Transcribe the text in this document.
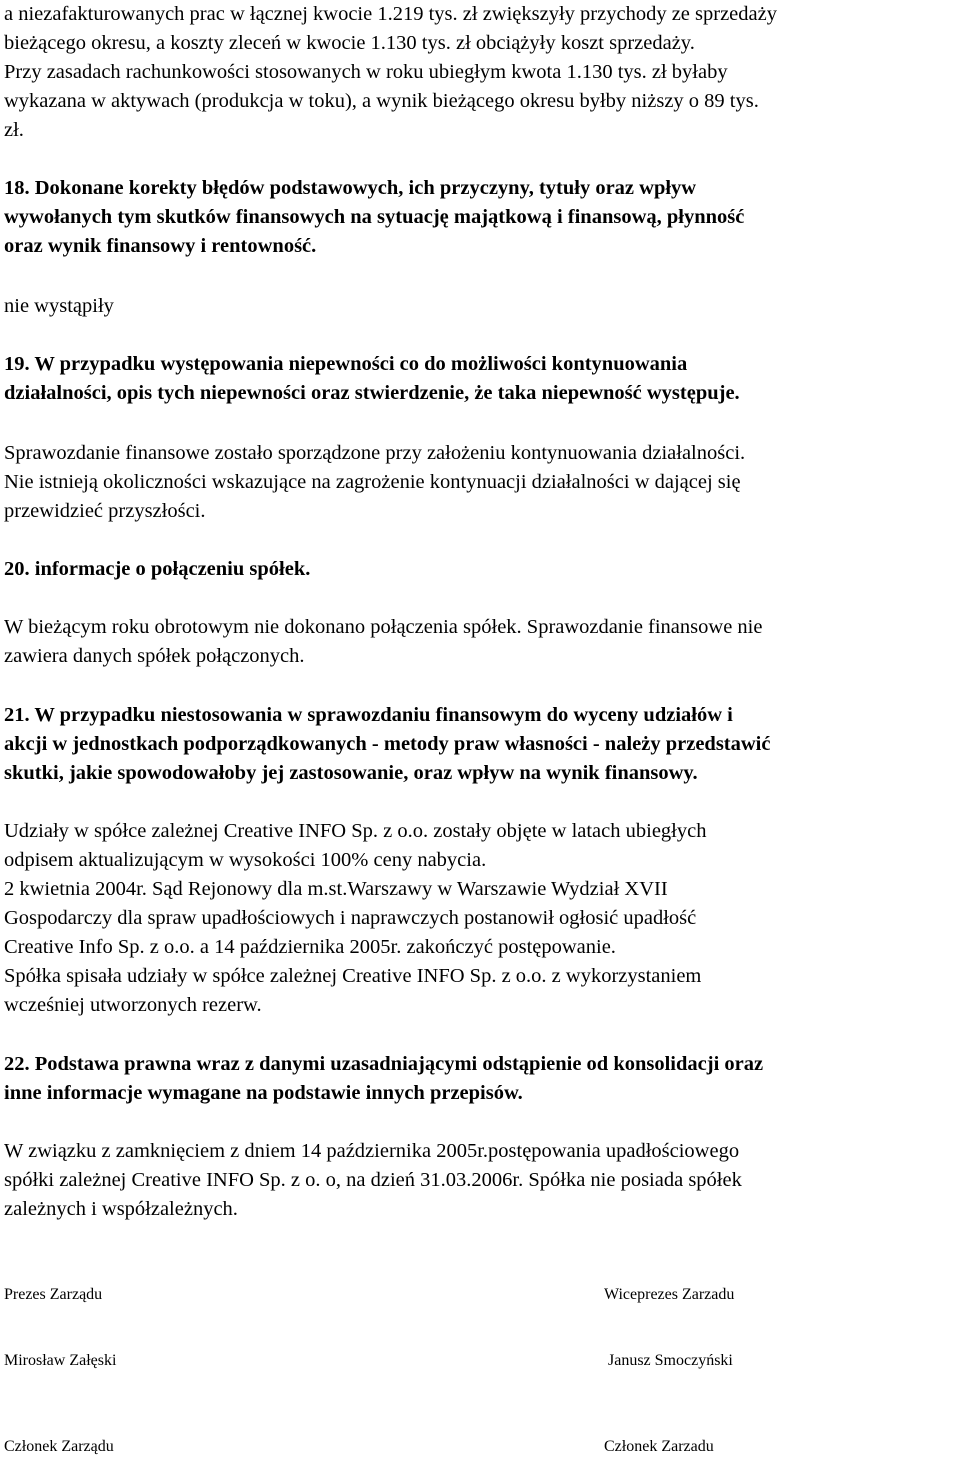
a niezafakturowanych prac w łącznej kwocie 1.219 tys. zł zwiększyły przychody ze sprzedaży
bieżącego okresu, a koszty zleceń w kwocie 1.130 tys. zł obciążyły koszt sprzedaży.
Przy zasadach rachunkowości stosowanych w roku ubiegłym kwota 1.130 tys. zł byłaby
wykazana w aktywach (produkcja w toku), a wynik bieżącego okresu byłby niższy o 89 tys.
zł.
18. Dokonane korekty błędów podstawowych, ich przyczyny, tytuły oraz wpływ
wywołanych tym skutków finansowych na sytuację majątkową i finansową, płynność
oraz wynik finansowy i rentowność.
nie wystąpiły
19. W przypadku występowania niepewności co do możliwości kontynuowania
działalności, opis tych niepewności oraz stwierdzenie, że taka niepewność występuje.
Sprawozdanie finansowe zostało sporządzone przy założeniu kontynuowania działalności.
Nie istnieją okoliczności wskazujące na zagrożenie kontynuacji działalności w dającej się
przewidzieć przyszłości.
20. informacje o połączeniu spółek.
W bieżącym roku obrotowym nie dokonano połączenia spółek. Sprawozdanie finansowe nie
zawiera danych spółek połączonych.
21. W przypadku niestosowania w sprawozdaniu finansowym do wyceny udziałów i
akcji w jednostkach podporządkowanych - metody praw własności - należy przedstawić
skutki, jakie spowodowałoby jej zastosowanie, oraz wpływ na wynik finansowy.
Udziały w spółce zależnej Creative INFO Sp. z o.o. zostały objęte w latach ubiegłych
odpisem aktualizującym w wysokości 100% ceny nabycia.
2 kwietnia 2004r. Sąd Rejonowy dla m.st.Warszawy w Warszawie Wydział XVII
Gospodarczy dla spraw upadłościowych i naprawczych postanowił ogłosić upadłość
Creative Info Sp. z o.o. a 14 października 2005r. zakończyć postępowanie.
Spółka spisała udziały w spółce zależnej Creative INFO Sp. z o.o. z wykorzystaniem
wcześniej utworzonych rezerw.
22. Podstawa prawna wraz z danymi uzasadniającymi odstąpienie od konsolidacji oraz
inne informacje wymagane na podstawie innych przepisów.
W związku z zamknięciem z dniem 14 października 2005r.postępowania upadłościowego
spółki zależnej Creative INFO Sp. z o. o, na dzień 31.03.2006r. Spółka nie posiada spółek
zależnych i współzależnych.
Prezes Zarządu	Wiceprezes Zarzadu
Mirosław Załęski	Janusz Smoczyński
Członek Zarządu	Członek Zarzadu
